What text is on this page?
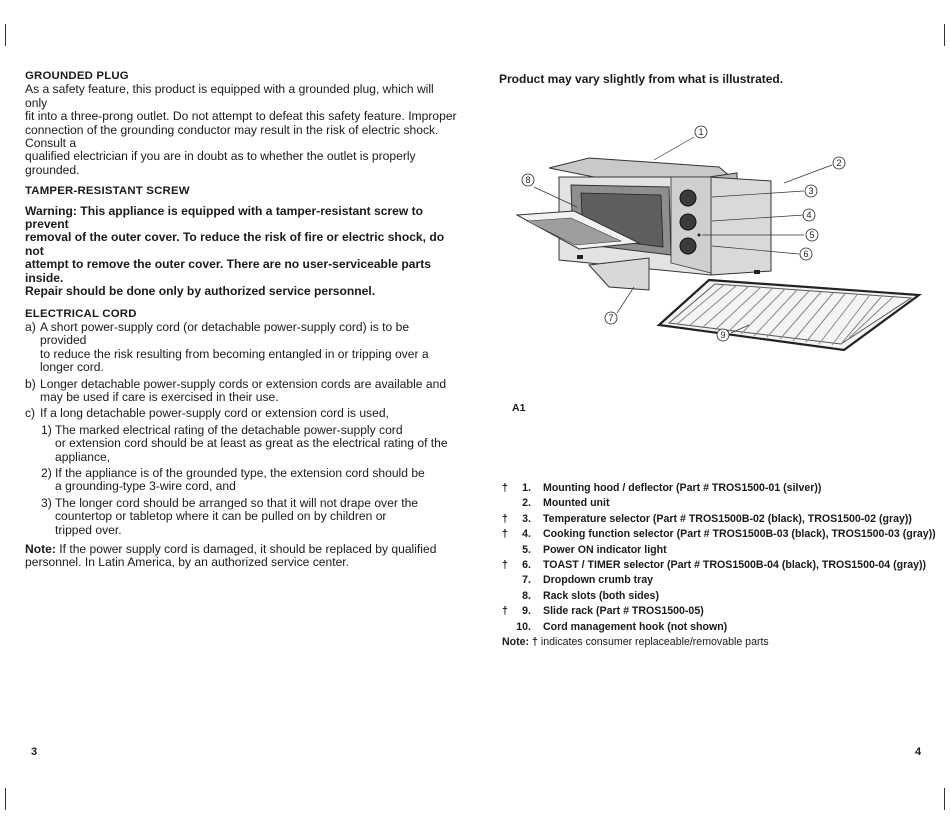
GROUNDED PLUG
As a safety feature, this product is equipped with a grounded plug, which will only
fit into a three-prong outlet. Do not attempt to defeat this safety feature. Improper
connection of the grounding conductor may result in the risk of electric shock. Consult a
qualified electrician if you are in doubt as to whether the outlet is properly grounded.
TAMPER-RESISTANT SCREW
Warning: This appliance is equipped with a tamper-resistant screw to prevent
removal of the outer cover. To reduce the risk of fire or electric shock, do not
attempt to remove the outer cover. There are no user-serviceable parts inside.
Repair should be done only by authorized service personnel.
ELECTRICAL CORD
a) A short power-supply cord (or detachable power-supply cord) is to be provided
to reduce the risk resulting from becoming entangled in or tripping over a
longer cord.
b) Longer detachable power-supply cords or extension cords are available and
may be used if care is exercised in their use.
c) If a long detachable power-supply cord or extension cord is used,
1) The marked electrical rating of the detachable power-supply cord
or extension cord should be at least as great as the electrical rating of the
appliance,
2) If the appliance is of the grounded type, the extension cord should be
a grounding-type 3-wire cord, and
3) The longer cord should be arranged so that it will not drape over the
countertop or tabletop where it can be pulled on by children or
tripped over.
Note: If the power supply cord is damaged, it should be replaced by qualified
personnel. In Latin America, by an authorized service center.
3
Product may vary slightly from what is illustrated.
1
2
3
4
5
6
7
8
9
A1
†	1. Mounting hood / deflector (Part # TROS1500-01 (silver))
2. Mounted unit
†	3. Temperature selector (Part # TROS1500B-02 (black), TROS1500-02 (gray))
†	4. Cooking function selector (Part # TROS1500B-03 (black), TROS1500-03 (gray))
5. Power ON indicator light
†	6. TOAST / TIMER selector (Part # TROS1500B-04 (black), TROS1500-04 (gray))
7. Dropdown crumb tray
8. Rack slots (both sides)
†	9. Slide rack (Part # TROS1500-05)
10. Cord management hook (not shown)
Note: † indicates consumer replaceable/removable parts
4
